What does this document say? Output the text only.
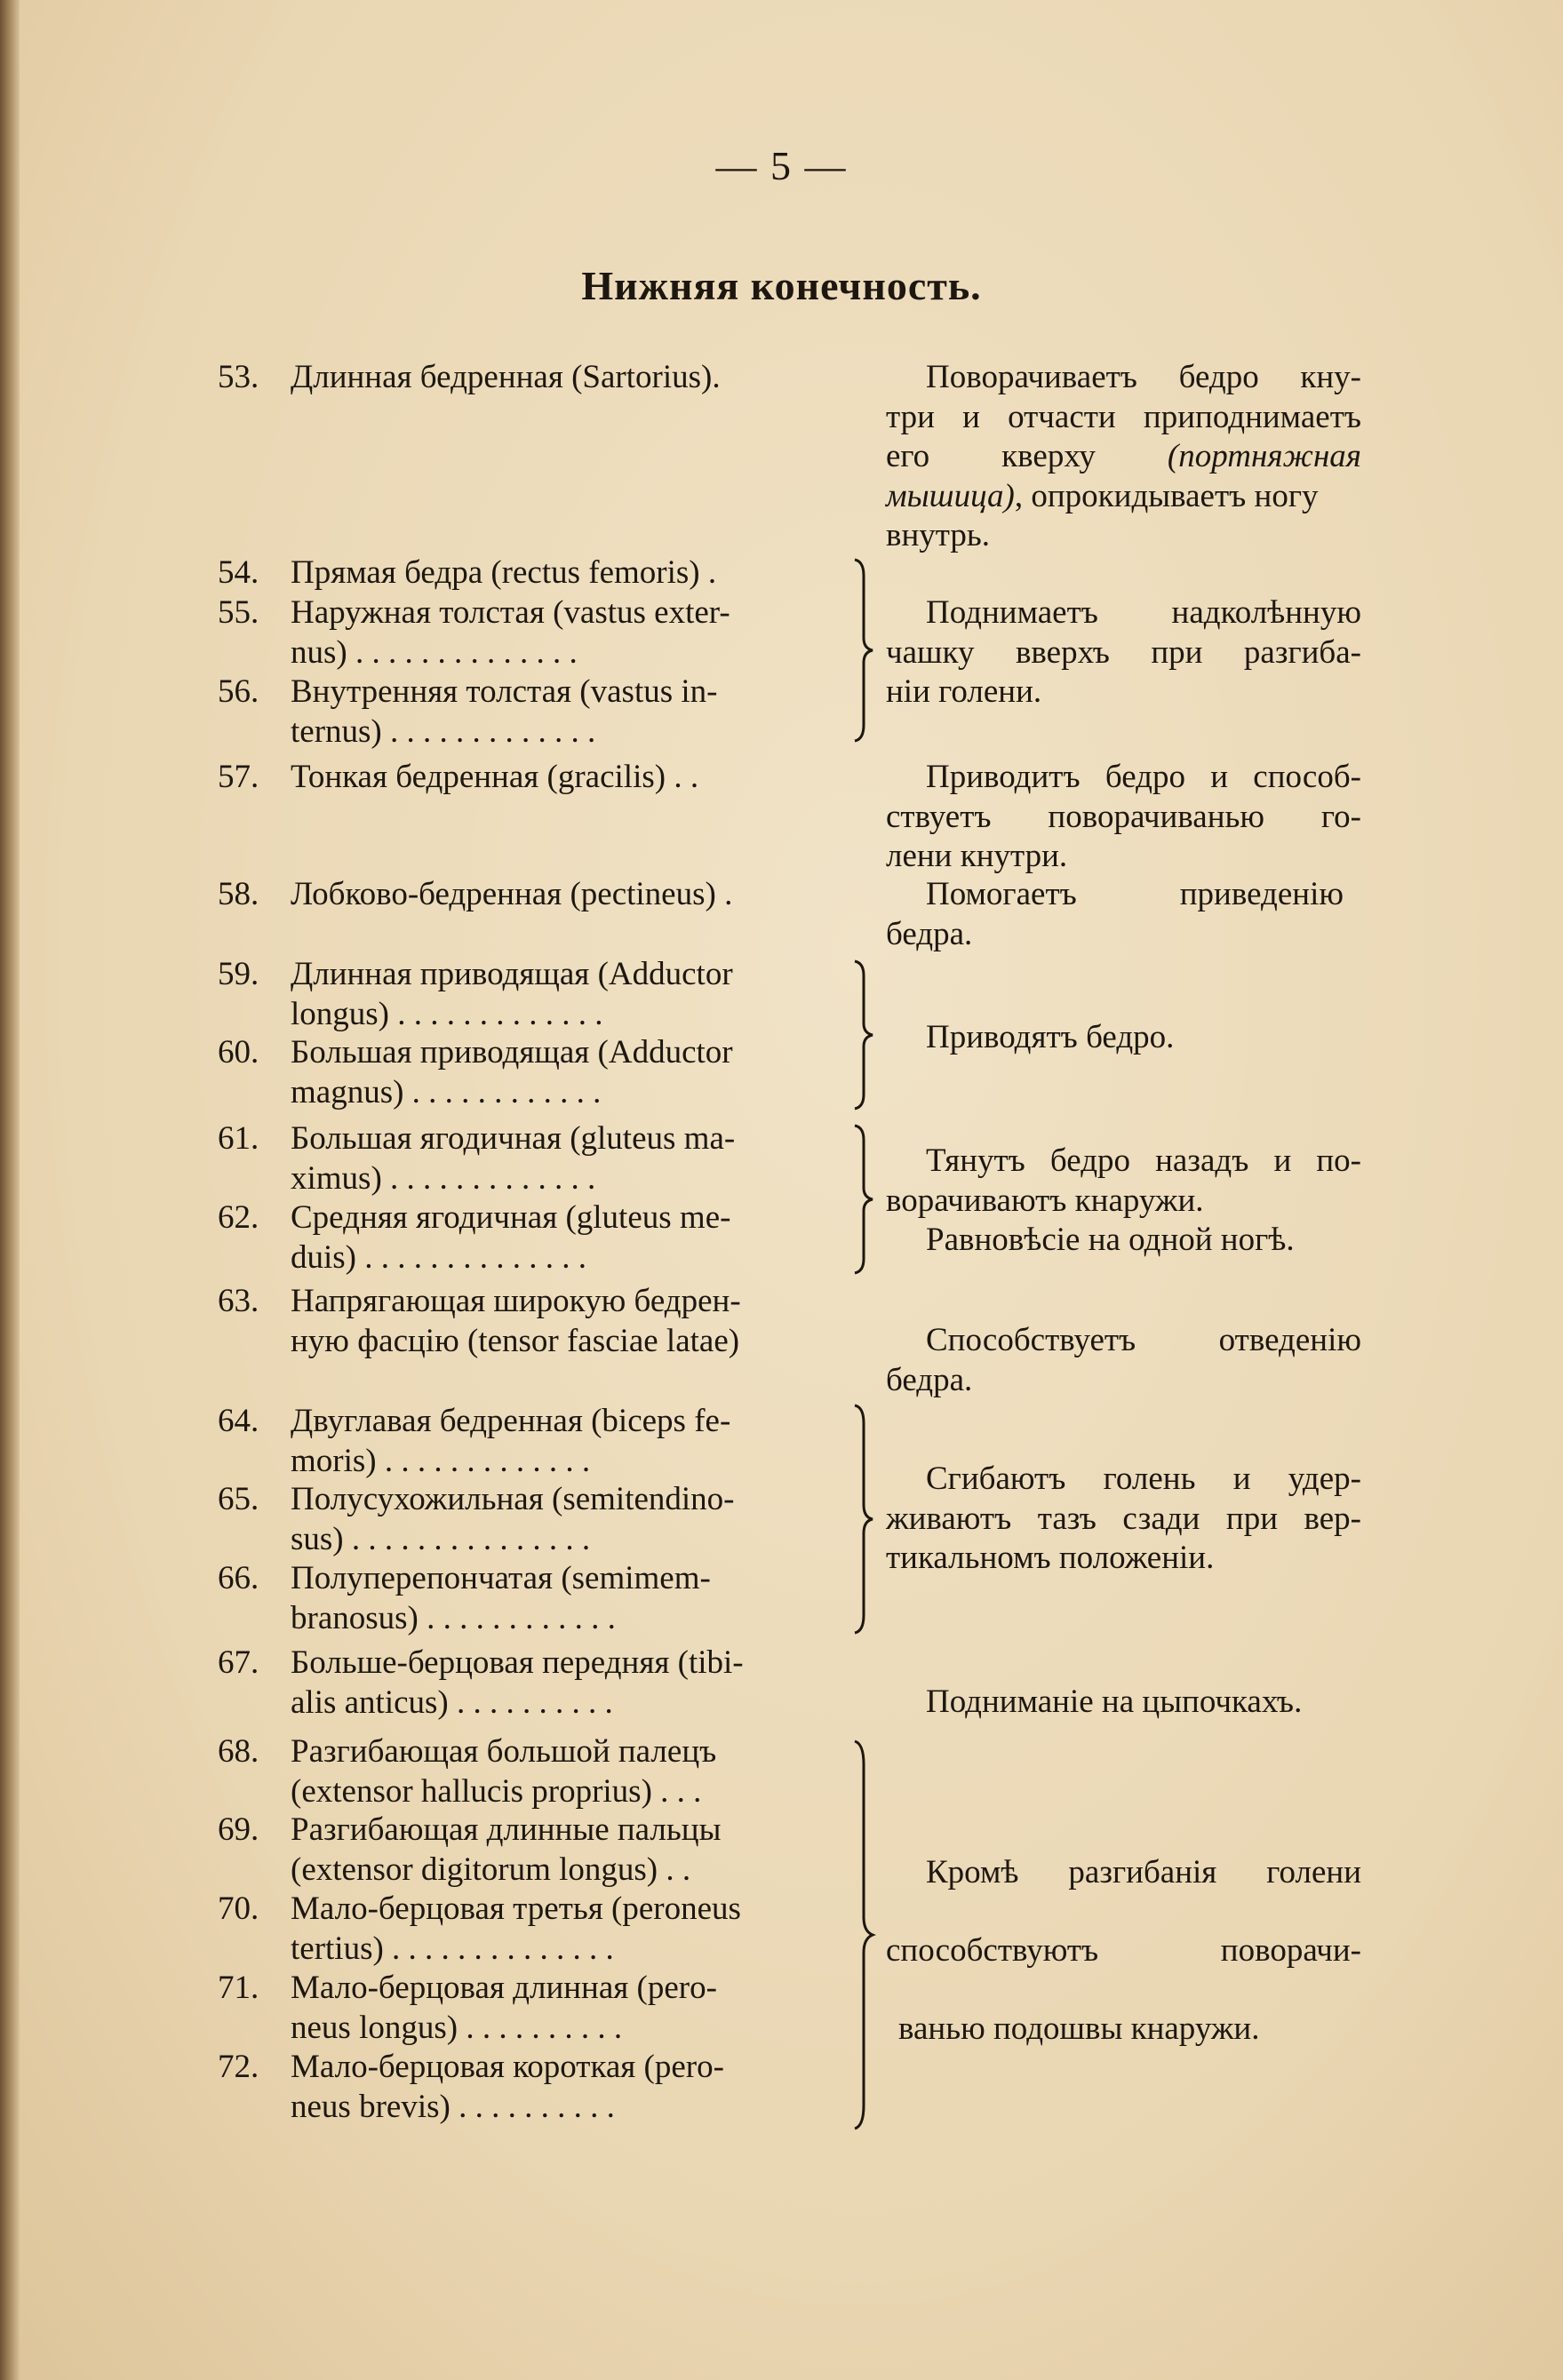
— 5 —
Нижняя конечность.
53. Длинная бедренная (Sartorius).
54. Прямая бедра (rectus femoris) .
55. Наружная толстая (vastus exter-
nus) . . . . . . . . . . . . . .
56. Внутренняя толстая (vastus in-
ternus) . . . . . . . . . . . . .
57. Тонкая бедренная (gracilis) . .
58. Лобково-бедренная (pectineus) .
59. Длинная приводящая (Adductor
longus) . . . . . . . . . . . . .
60. Большая приводящая (Adductor
magnus) . . . . . . . . . . . .
61. Большая ягодичная (gluteus ma-
ximus) . . . . . . . . . . . . .
62. Средняя ягодичная (gluteus me-
duis) . . . . . . . . . . . . . .
63. Напрягающая широкую бедрен-
ную фасцію (tensor fasciae latae)
64. Двуглавая бедренная (biceps fe-
moris) . . . . . . . . . . . . .
65. Полусухожильная (semitendino-
sus) . . . . . . . . . . . . . . .
66. Полуперепончатая (semimem-
branosus) . . . . . . . . . . . .
67. Больше-берцовая передняя (tibi-
alis anticus) . . . . . . . . . .
68. Разгибающая большой палецъ
(extensor hallucis proprius) . . .
69. Разгибающая длинные пальцы
(extensor digitorum longus) . .
70. Мало-берцовая третья (peroneus
tertius) . . . . . . . . . . . . . .
71. Мало-берцовая длинная (pero-
neus longus) . . . . . . . . . .
72. Мало-берцовая короткая (pero-
neus brevis) . . . . . . . . . .
Поворачиваетъ бедро кну-
три и отчасти приподнимаетъ
его кверху (портняжная
мышица), опрокидываетъ ногу
внутрь.
Поднимаетъ надколѣнную
чашку вверхъ при разгиба-
ніи голени.
Приводитъ бедро и способ-
ствуетъ поворачиванью го-
лени кнутри.
Помогаетъ приведенію
бедра.
Приводятъ бедро.
Тянутъ бедро назадъ и по-
ворачиваютъ кнаружи.
Равновѣсіе на одной ногѣ.
Способствуетъ отведенію
бедра.
Сгибаютъ голень и удер-
живаютъ тазъ сзади при вер-
тикальномъ положеніи.
Подниманіе на цыпочкахъ.
Кромѣ разгибанія голени
способствуютъ поворачи-
ванью подошвы кнаружи.
